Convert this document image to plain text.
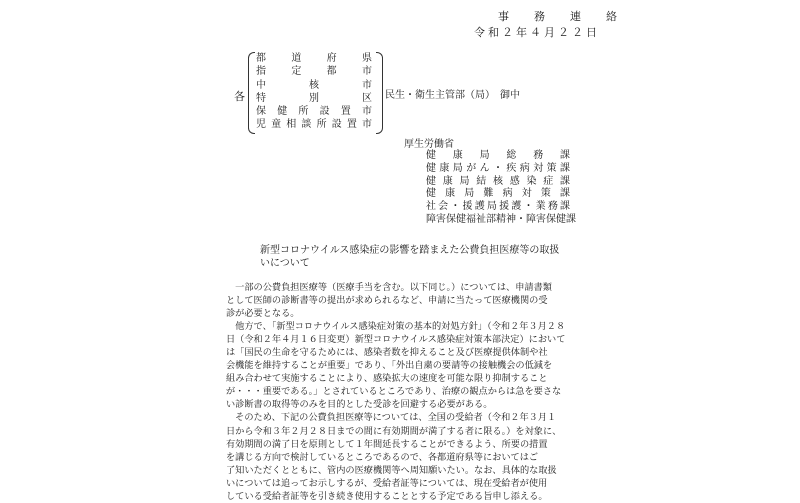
事　務　連　絡
令和２年４月２２日
各
都道府県
指定都市
中核市
特別区
保健所設置市
児童相談所設置市
民生・衛生主管部（局）　御中
厚生労働省
健康局総務課
健康局がん・疾病対策課
健康局結核感染症課
健康局難病対策課
社会・援護局援護・業務課
障害保健福祉部精神・障害保健課
新型コロナウイルス感染症の影響を踏まえた公費負担医療等の取扱
いについて
　一部の公費負担医療等（医療手当を含む。以下同じ。）については、申請書類
として医師の診断書等の提出が求められるなど、申請に当たって医療機関の受
診が必要となる。
　他方で、「新型コロナウイルス感染症対策の基本的対処方針」（令和２年３月２８
日（令和２年４月１６日変更）新型コロナウイルス感染症対策本部決定）において
は「国民の生命を守るためには、感染者数を抑えること及び医療提供体制や社
会機能を維持することが重要」であり、「外出自粛の要請等の接触機会の低減を
組み合わせて実施することにより、感染拡大の速度を可能な限り抑制すること
が・・・重要である。」とされているところであり、治療の観点からは急を要さな
い診断書の取得等のみを目的とした受診を回避する必要がある。
　そのため、下記の公費負担医療等については、全国の受給者（令和２年３月１
日から令和３年２月２８日までの間に有効期間が満了する者に限る。）を対象に、
有効期間の満了日を原則として１年間延長することができるよう、所要の措置
を講じる方向で検討しているところであるので、各都道府県等においてはご
了知いただくとともに、管内の医療機関等へ周知願いたい。なお、具体的な取扱
いについては追ってお示しするが、受給者証等については、現在受給者が使用
している受給者証等を引き続き使用することとする予定である旨申し添える。
